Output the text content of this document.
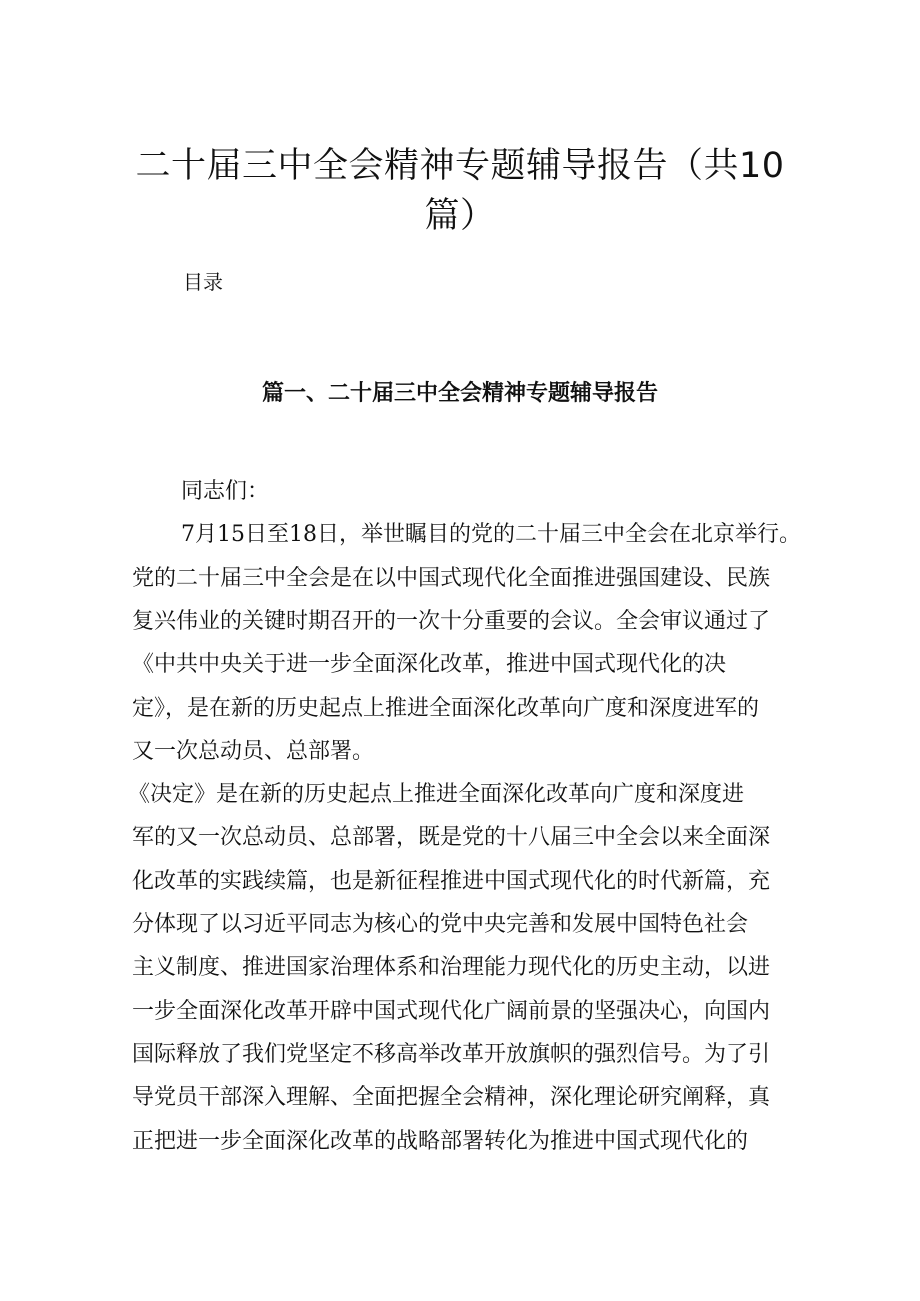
二十届三中全会精神专题辅导报告（共10
篇）
目录
篇一、二十届三中全会精神专题辅导报告
同志们：
7月15日至18日，举世瞩目的党的二十届三中全会在北京举行。
党的二十届三中全会是在以中国式现代化全面推进强国建设、民族
复兴伟业的关键时期召开的一次十分重要的会议。全会审议通过了
《中共中央关于进一步全面深化改革，推进中国式现代化的决
定》，是在新的历史起点上推进全面深化改革向广度和深度进军的
又一次总动员、总部署。
《决定》是在新的历史起点上推进全面深化改革向广度和深度进
军的又一次总动员、总部署，既是党的十八届三中全会以来全面深
化改革的实践续篇，也是新征程推进中国式现代化的时代新篇，充
分体现了以习近平同志为核心的党中央完善和发展中国特色社会
主义制度、推进国家治理体系和治理能力现代化的历史主动，以进
一步全面深化改革开辟中国式现代化广阔前景的坚强决心，向国内
国际释放了我们党坚定不移高举改革开放旗帜的强烈信号。为了引
导党员干部深入理解、全面把握全会精神，深化理论研究阐释，真
正把进一步全面深化改革的战略部署转化为推进中国式现代化的
